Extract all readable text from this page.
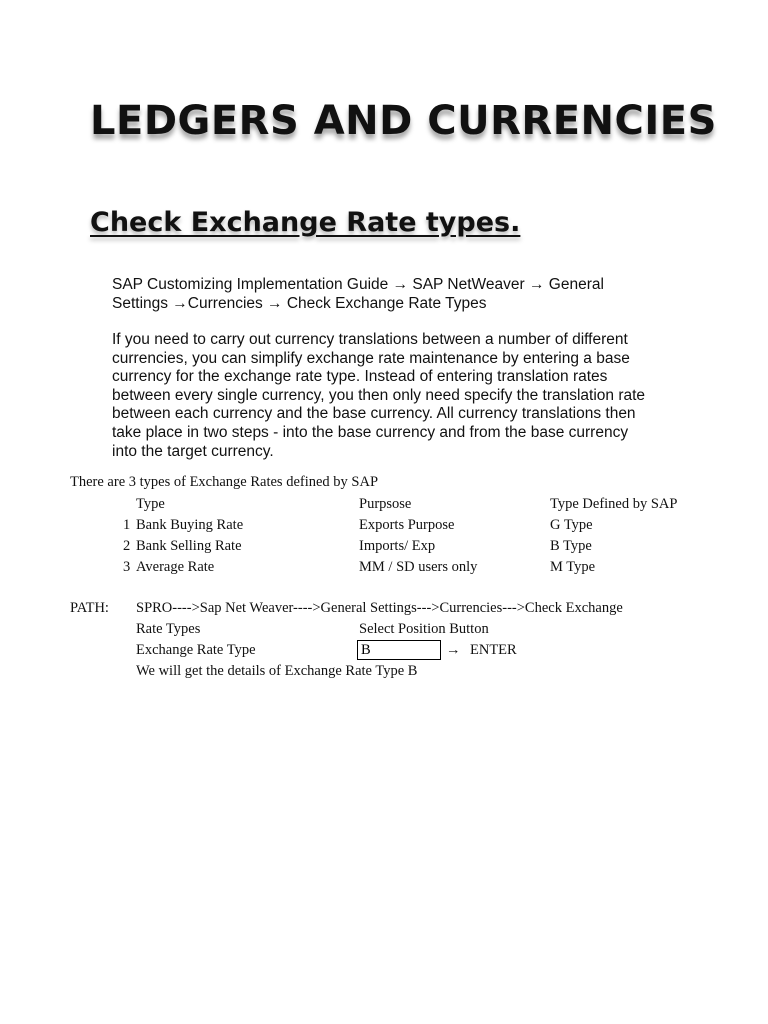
LEDGERS AND CURRENCIES
Check Exchange Rate types.

SAP Customizing Implementation Guide → SAP NetWeaver → General

Settings →Currencies → Check Exchange Rate Types

If you need to carry out currency translations between a number of different

currencies, you can simplify exchange rate maintenance by entering a base

currency for the exchange rate type. Instead of entering translation rates

between every single currency, you then only need specify the translation rate

between each currency and the base currency. All currency translations then

take place in two steps - into the base currency and from the base currency

into the target currency.

There are 3 types of Exchange Rates defined by SAP
Type	Purpsose	Type Defined by SAP
1 Bank Buying Rate	Exports Purpose	G Type
2 Bank Selling Rate	Imports/ Exp	B Type
3 Average Rate	MM / SD users only	M Type
PATH: SPRO---->Sap Net Weaver---->General Settings--->Currencies--->Check Exchange
Rate Types	Select Position Button
Exchange Rate Type	B	→ ENTER
We will get the details of Exchange Rate Type B
